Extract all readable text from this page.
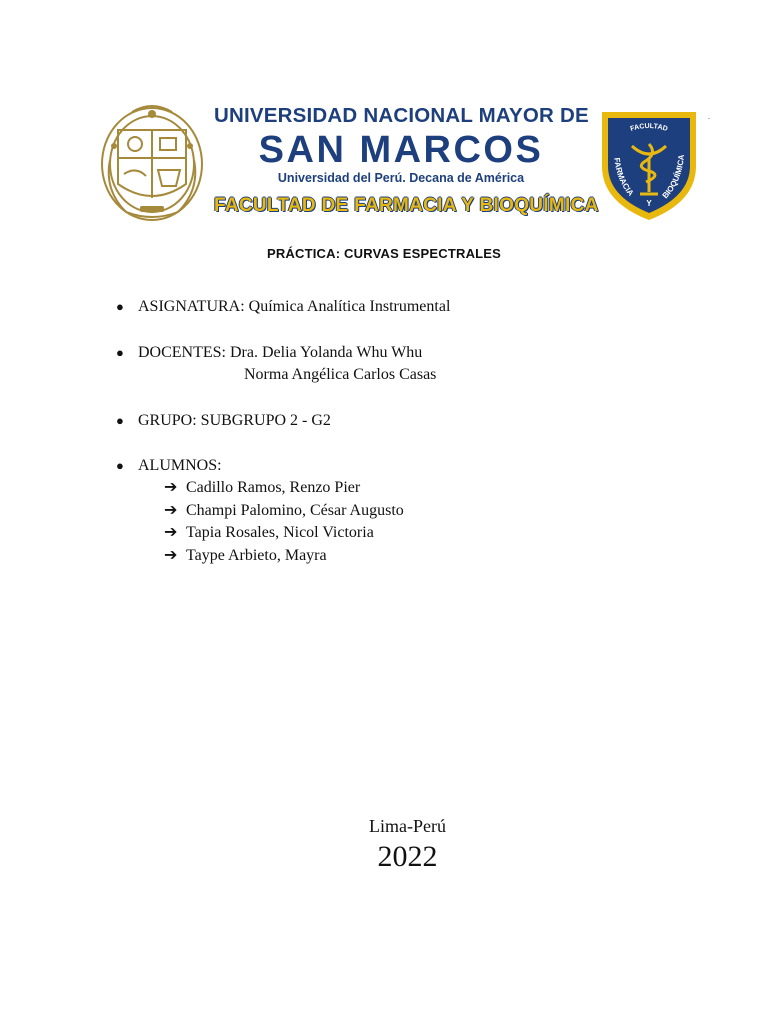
UNIVERSIDAD NACIONAL MAYOR DE
SAN MARCOS
Universidad del Perú. Decana de América
FACULTAD DE FARMACIA Y BIOQUÍMICA
FACULTAD
FARMACIA	BIOQUÍMICA
Y
.
PRÁCTICA: CURVAS ESPECTRALES
● ASIGNATURA: Química Analítica Instrumental
● DOCENTES: Dra. Delia Yolanda Whu Whu
Norma Angélica Carlos Casas
● GRUPO: SUBGRUPO 2 - G2
● ALUMNOS:
➔ Cadillo Ramos, Renzo Pier
➔ Champi Palomino, César Augusto
➔ Tapia Rosales, Nicol Victoria
➔ Taype Arbieto, Mayra
Lima-Perú
2022
